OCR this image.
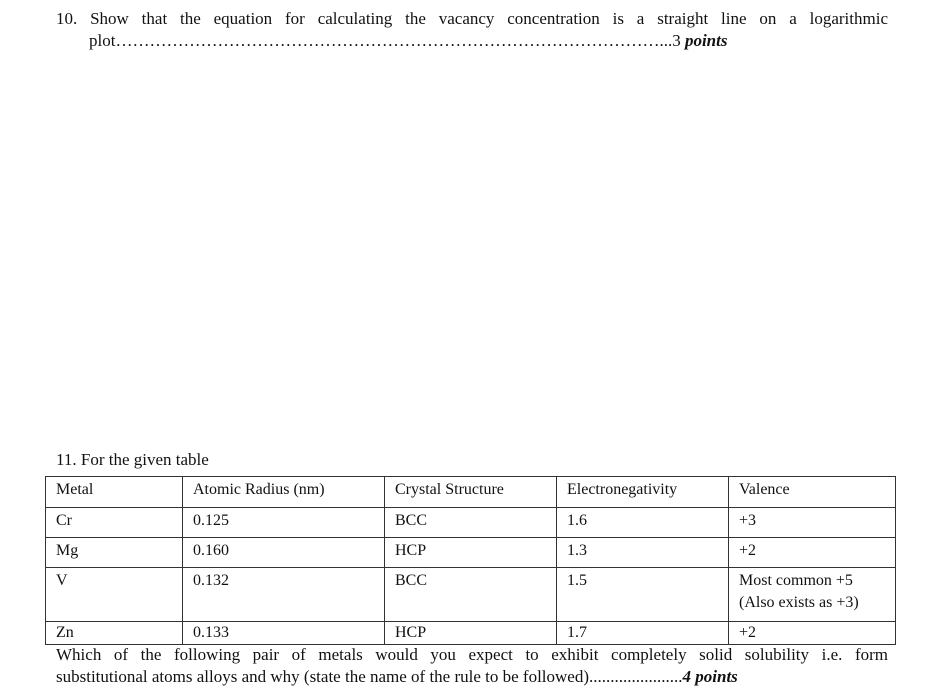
10. Show that the equation for calculating the vacancy concentration is a straight line on a logarithmic
plot……………………………………………………………………………………...3 points
11. For the given table
Metal	Atomic Radius (nm)	Crystal Structure	Electronegativity	Valence
Cr	0.125	BCC	1.6	+3
Mg	0.160	HCP	1.3	+2
V	0.132	BCC	1.5	Most common +5
(Also exists as +3)

Zn	0.133	HCP	1.7	+2
Which of the following pair of metals would you expect to exhibit completely solid solubility i.e. form
substitutional atoms alloys and why (state the name of the rule to be followed)......................4 points
